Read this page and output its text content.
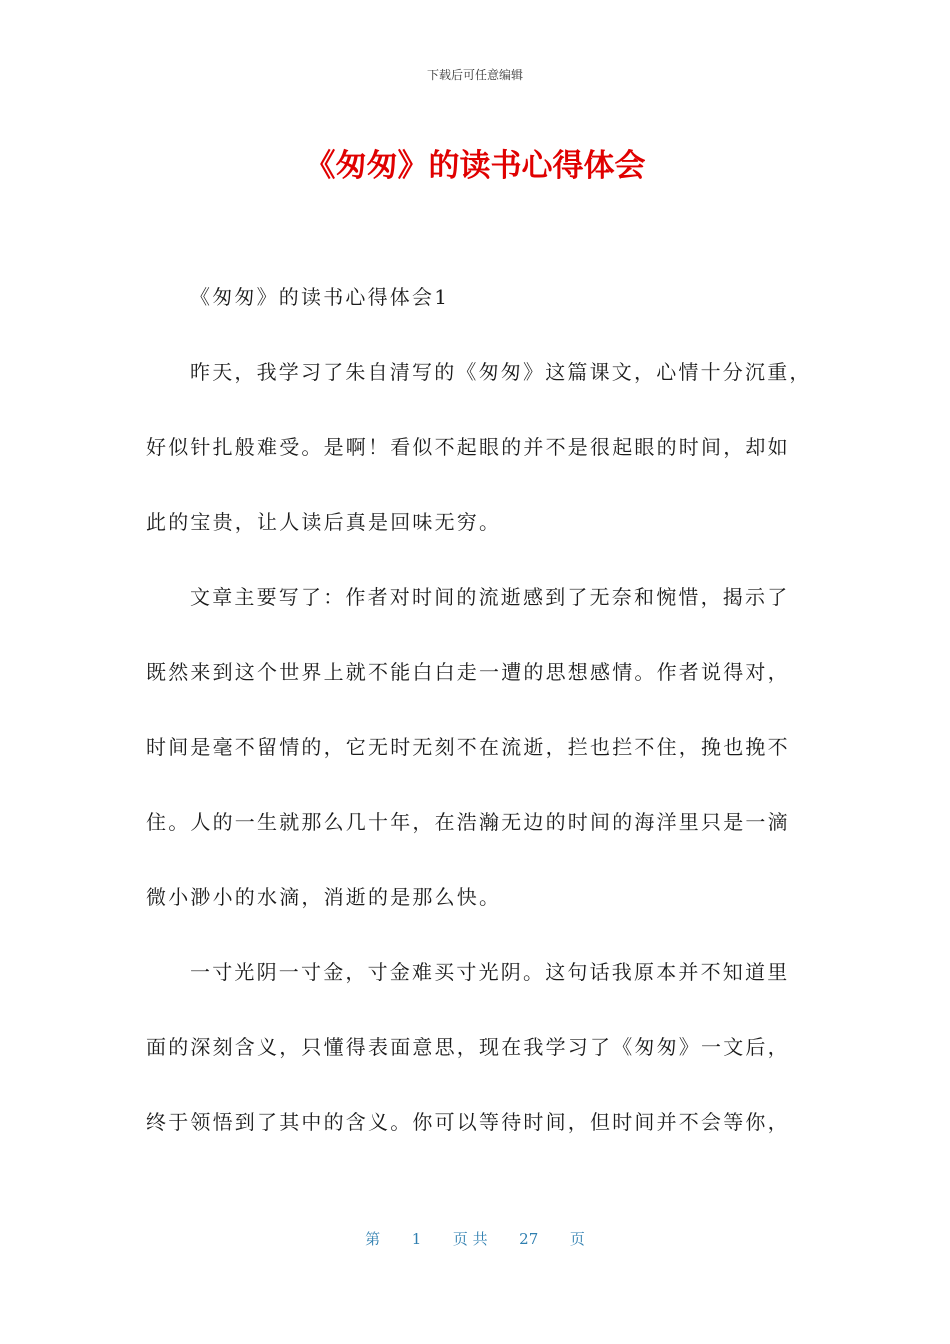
下载后可任意编辑
《匆匆》的读书心得体会
《匆匆》的读书心得体会1
昨天，我学习了朱自清写的《匆匆》这篇课文，心情十分沉重，
好似针扎般难受。是啊！看似不起眼的并不是很起眼的时间，却如
此的宝贵，让人读后真是回味无穷。
文章主要写了：作者对时间的流逝感到了无奈和惋惜，揭示了
既然来到这个世界上就不能白白走一遭的思想感情。作者说得对，
时间是毫不留情的，它无时无刻不在流逝，拦也拦不住，挽也挽不
住。人的一生就那么几十年，在浩瀚无边的时间的海洋里只是一滴
微小渺小的水滴，消逝的是那么快。
一寸光阴一寸金，寸金难买寸光阴。这句话我原本并不知道里
面的深刻含义，只懂得表面意思，现在我学习了《匆匆》一文后，
终于领悟到了其中的含义。你可以等待时间，但时间并不会等你，
第 1 页 共 27 页
